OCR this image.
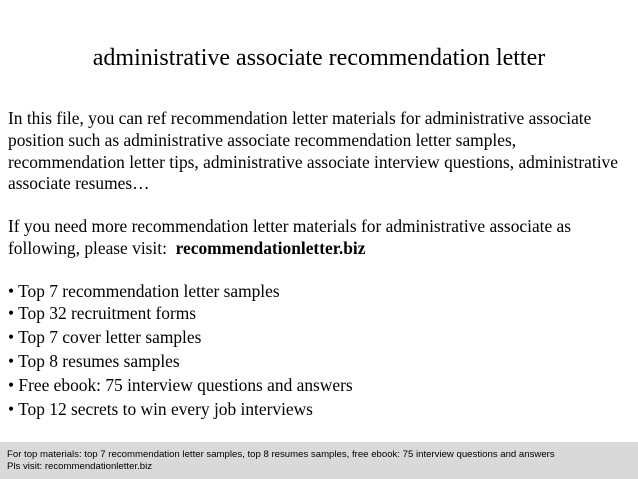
administrative associate recommendation letter

In this file, you can ref recommendation letter materials for administrative associate position such as administrative associate recommendation letter samples, recommendation letter tips, administrative associate interview questions, administrative associate resumes…

If you need more recommendation letter materials for administrative associate as following, please visit: recommendationletter.biz

• Top 7 recommendation letter samples
• Top 32 recruitment forms
• Top 7 cover letter samples
• Top 8 resumes samples
• Free ebook: 75 interview questions and answers
• Top 12 secrets to win every job interviews
For top materials: top 7 recommendation letter samples, top 8 resumes samples, free ebook: 75 interview questions and answers
Pls visit: recommendationletter.biz
